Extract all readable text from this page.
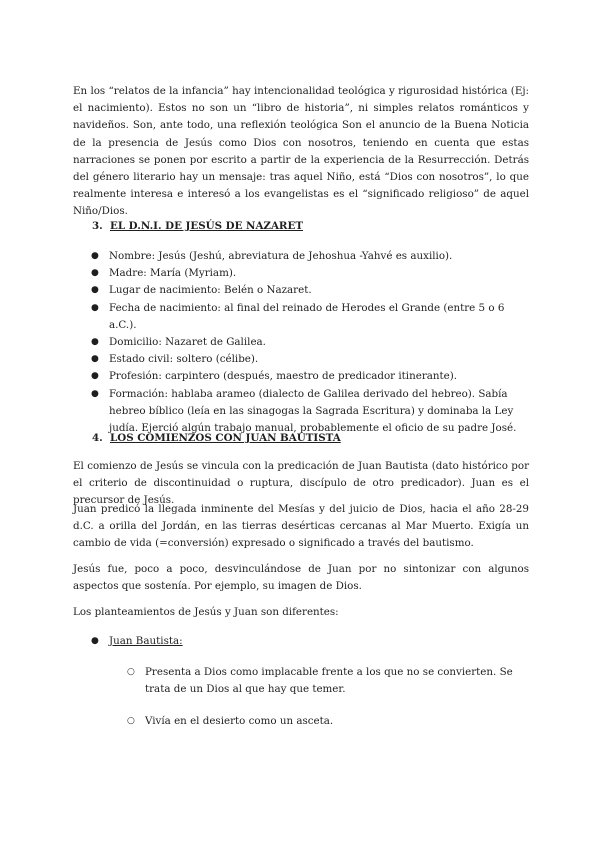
En los “relatos de la infancia” hay intencionalidad teológica y rigurosidad histórica (Ej: el nacimiento). Estos no son un “libro de historia”, ni simples relatos románticos y navideños. Son, ante todo, una reflexión teológica Son el anuncio de la Buena Noticia de la presencia de Jesús como Dios con nosotros, teniendo en cuenta que estas narraciones se ponen por escrito a partir de la experiencia de la Resurrección. Detrás del género literario hay un mensaje: tras aquel Niño, está “Dios con nosotros”, lo que realmente interesa e interesó a los evangelistas es el “significado religioso” de aquel Niño/Dios.

3. EL D.N.I. DE JESÚS DE NAZARET

● Nombre: Jesús (Jeshú, abreviatura de Jehoshua -Yahvé es auxilio).
● Madre: María (Myriam).
● Lugar de nacimiento: Belén o Nazaret.
● Fecha de nacimiento: al final del reinado de Herodes el Grande (entre 5 o 6 a.C.).
● Domicilio: Nazaret de Galilea.
● Estado civil: soltero (célibe).
● Profesión: carpintero (después, maestro de predicador itinerante).
● Formación: hablaba arameo (dialecto de Galilea derivado del hebreo). Sabía hebreo bíblico (leía en las sinagogas la Sagrada Escritura) y dominaba la Ley judía. Ejerció algún trabajo manual, probablemente el oficio de su padre José.

4. LOS COMIENZOS CON JUAN BAUTISTA

El comienzo de Jesús se vincula con la predicación de Juan Bautista (dato histórico por el criterio de discontinuidad o ruptura, discípulo de otro predicador). Juan es el precursor de Jesús.

Juan predicó la llegada inminente del Mesías y del juicio de Dios, hacia el año 28-29 d.C. a orilla del Jordán, en las tierras desérticas cercanas al Mar Muerto. Exigía un cambio de vida (=conversión) expresado o significado a través del bautismo.

Jesús fue, poco a poco, desvinculándose de Juan por no sintonizar con algunos aspectos que sostenía. Por ejemplo, su imagen de Dios.

Los planteamientos de Jesús y Juan son diferentes:

● Juan Bautista:
○ Presenta a Dios como implacable frente a los que no se convierten. Se trata de un Dios al que hay que temer.
○ Vivía en el desierto como un asceta.
